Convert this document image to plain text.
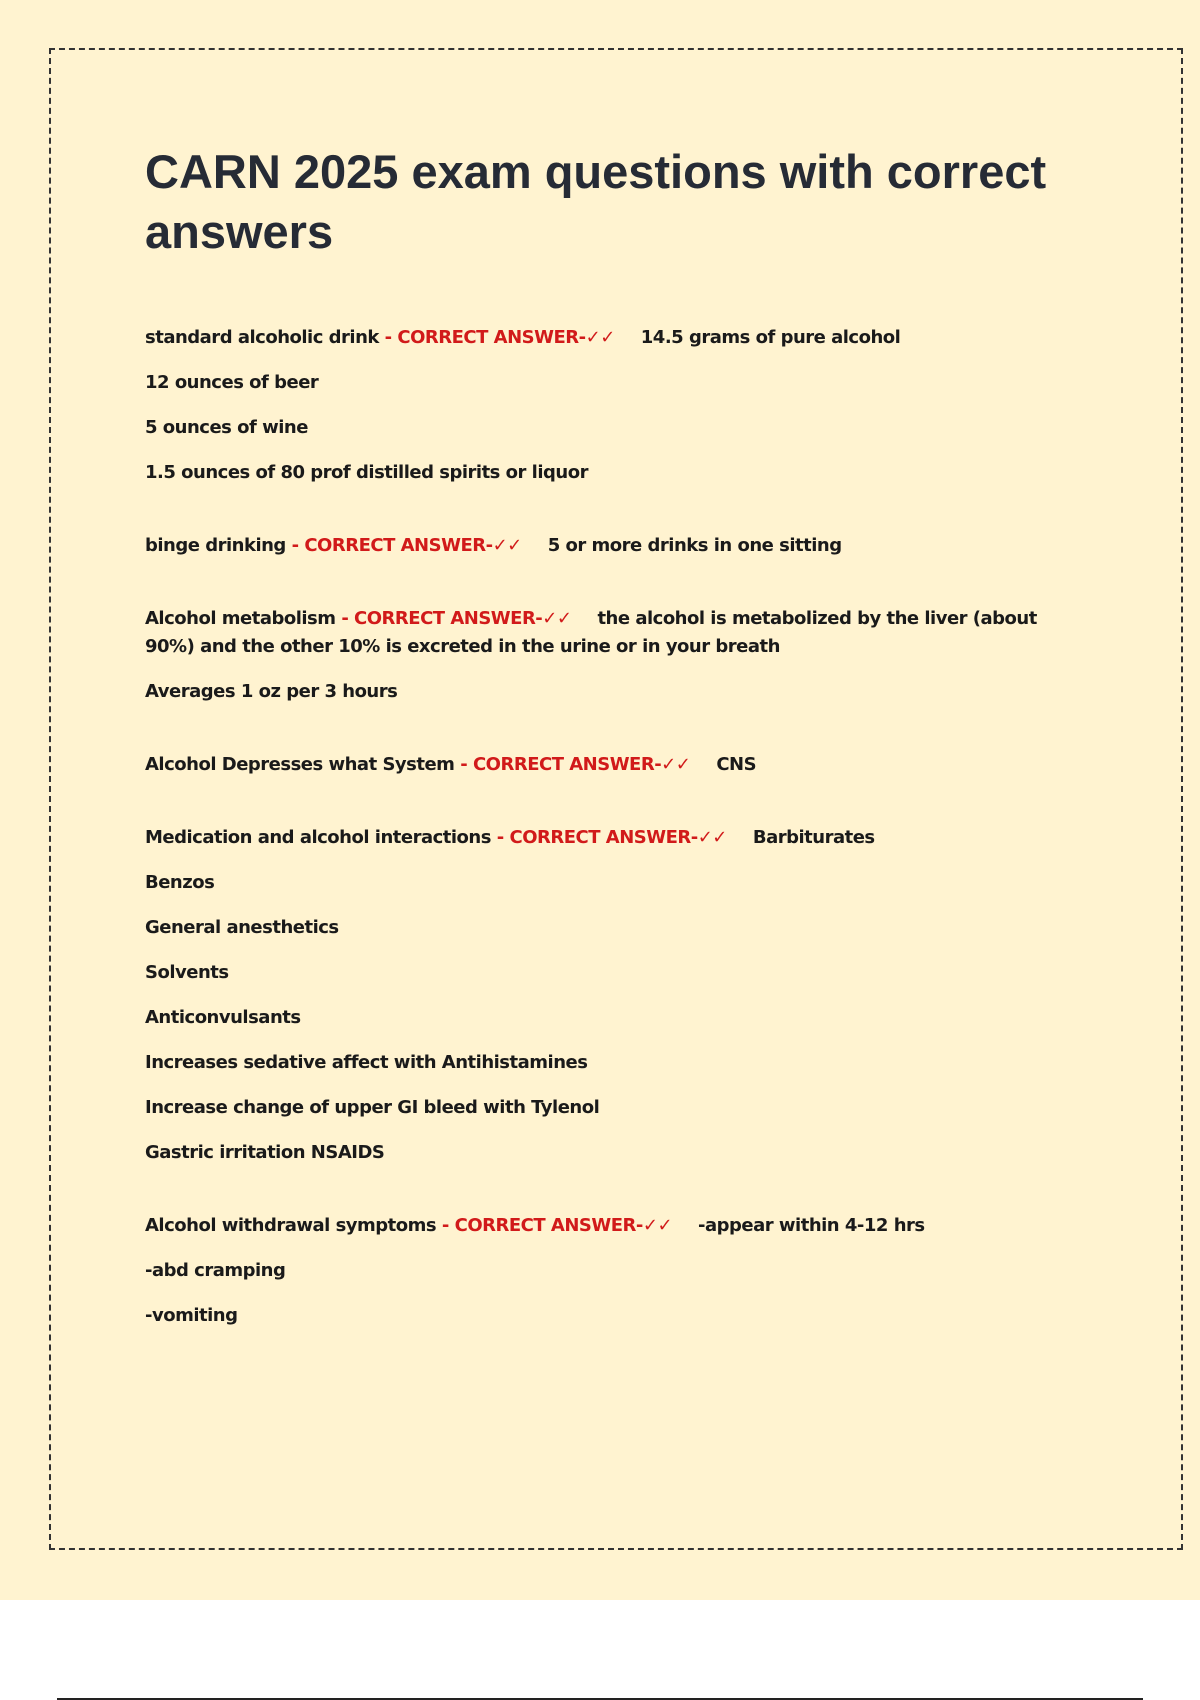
CARN 2025 exam questions with correct answers
standard alcoholic drink - CORRECT ANSWER-✓✓ 14.5 grams of pure alcohol
12 ounces of beer
5 ounces of wine
1.5 ounces of 80 prof distilled spirits or liquor
binge drinking - CORRECT ANSWER-✓✓ 5 or more drinks in one sitting
Alcohol metabolism - CORRECT ANSWER-✓✓ the alcohol is metabolized by the liver (about 90%) and the other 10% is excreted in the urine or in your breath
Averages 1 oz per 3 hours
Alcohol Depresses what System - CORRECT ANSWER-✓✓ CNS
Medication and alcohol interactions - CORRECT ANSWER-✓✓ Barbiturates
Benzos
General anesthetics
Solvents
Anticonvulsants
Increases sedative affect with Antihistamines
Increase change of upper GI bleed with Tylenol
Gastric irritation NSAIDS
Alcohol withdrawal symptoms - CORRECT ANSWER-✓✓ -appear within 4-12 hrs
-abd cramping
-vomiting
